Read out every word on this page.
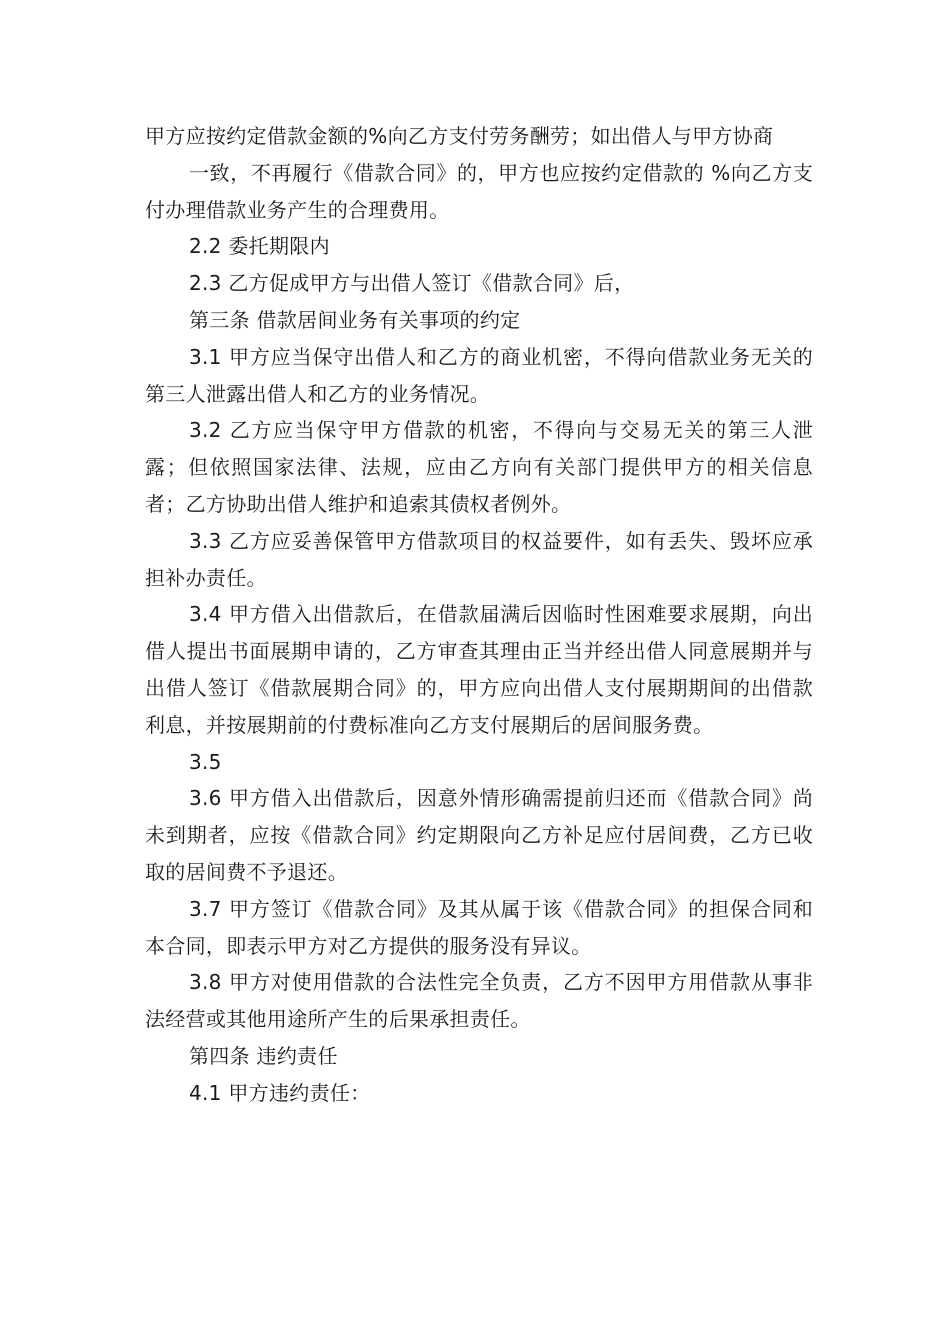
甲方应按约定借款金额的%向乙方支付劳务酬劳；如出借人与甲方协商

一致，不再履行《借款合同》的，甲方也应按约定借款的 %向乙方支付办理借款业务产生的合理费用。

2.2 委托期限内

2.3 乙方促成甲方与出借人签订《借款合同》后，

第三条 借款居间业务有关事项的约定

3.1 甲方应当保守出借人和乙方的商业机密，不得向借款业务无关的第三人泄露出借人和乙方的业务情况。

3.2 乙方应当保守甲方借款的机密，不得向与交易无关的第三人泄露；但依照国家法律、法规，应由乙方向有关部门提供甲方的相关信息者；乙方协助出借人维护和追索其债权者例外。

3.3 乙方应妥善保管甲方借款项目的权益要件，如有丢失、毁坏应承担补办责任。

3.4 甲方借入出借款后，在借款届满后因临时性困难要求展期，向出借人提出书面展期申请的，乙方审查其理由正当并经出借人同意展期并与出借人签订《借款展期合同》的，甲方应向出借人支付展期期间的出借款利息，并按展期前的付费标准向乙方支付展期后的居间服务费。

3.5

3.6 甲方借入出借款后，因意外情形确需提前归还而《借款合同》尚未到期者，应按《借款合同》约定期限向乙方补足应付居间费，乙方已收取的居间费不予退还。

3.7 甲方签订《借款合同》及其从属于该《借款合同》的担保合同和本合同，即表示甲方对乙方提供的服务没有异议。

3.8 甲方对使用借款的合法性完全负责，乙方不因甲方用借款从事非法经营或其他用途所产生的后果承担责任。

第四条 违约责任

4.1 甲方违约责任：
